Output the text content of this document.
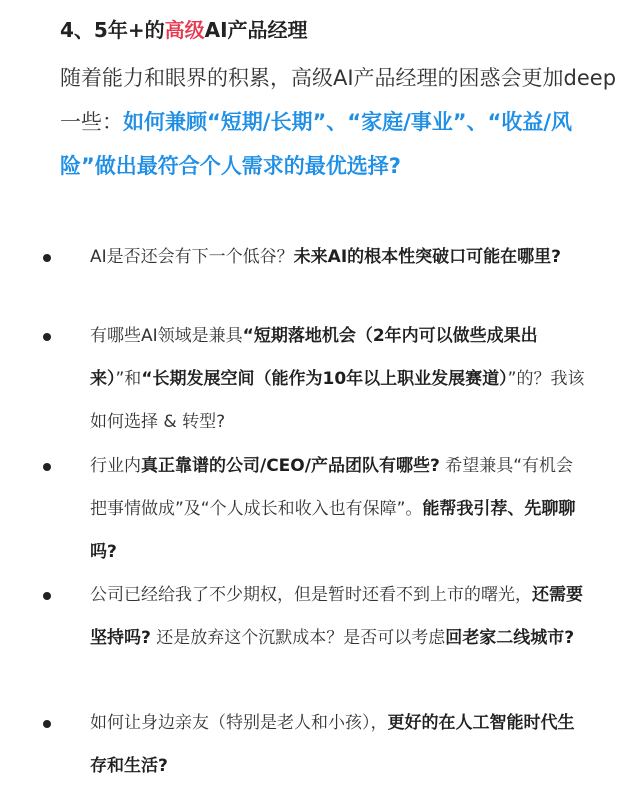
4、5年+的高级AI产品经理
随着能力和眼界的积累，高级AI产品经理的困惑会更加deep一些：如何兼顾“短期/长期”、“家庭/事业”、“收益/风险”做出最符合个人需求的最优选择?
AI是否还会有下一个低谷？未来AI的根本性突破口可能在哪里?
有哪些AI领域是兼具“短期落地机会（2年内可以做些成果出来）”和“长期发展空间（能作为10年以上职业发展赛道）”的？我该如何选择 & 转型?
行业内真正靠谱的公司/CEO/产品团队有哪些? 希望兼具“有机会把事情做成”及“个人成长和收入也有保障”。能帮我引荐、先聊聊吗?
公司已经给我了不少期权，但是暂时还看不到上市的曙光，还需要坚持吗? 还是放弃这个沉默成本？是否可以考虑回老家二线城市?
如何让身边亲友（特别是老人和小孩），更好的在人工智能时代生存和生活?
